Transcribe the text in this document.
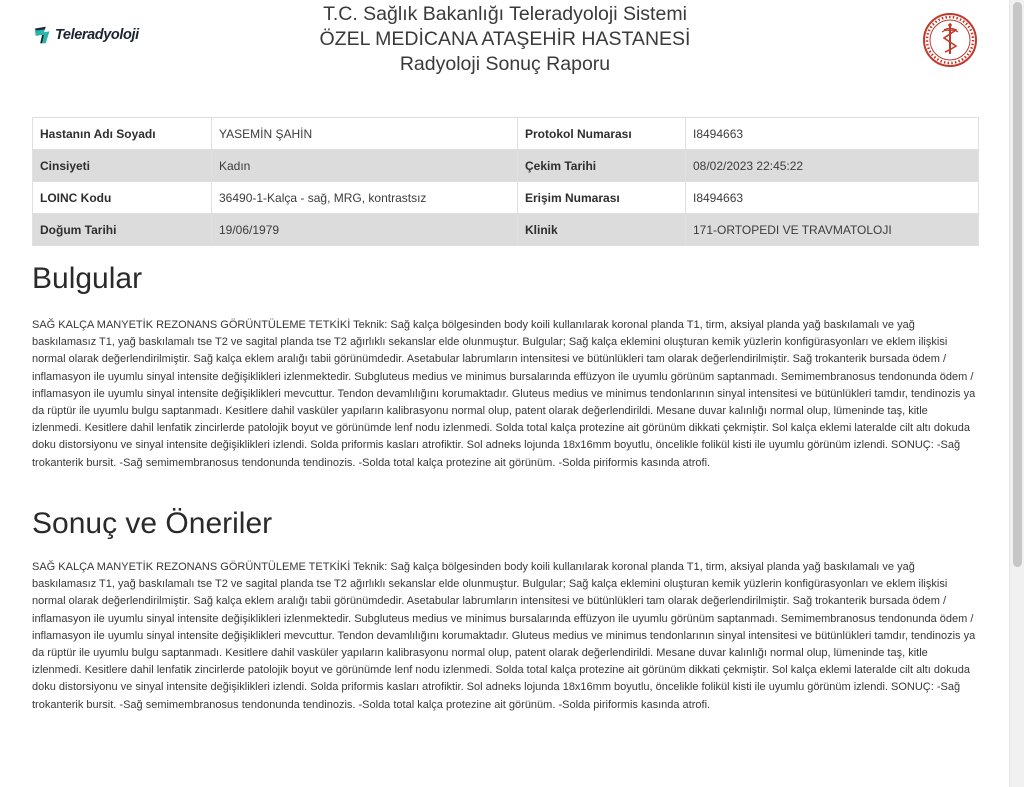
Teleradyoloji
T.C. Sağlık Bakanlığı Teleradyoloji Sistemi
ÖZEL MEDİCANA ATAŞEHİR HASTANESİ
Radyoloji Sonuç Raporu
Hastanın Adı Soyadı	YASEMİN ŞAHİN	Protokol Numarası	I8494663
Cinsiyeti	Kadın	Çekim Tarihi	08/02/2023 22:45:22
LOINC Kodu	36490-1-Kalça - sağ, MRG, kontrastsız	Erişim Numarası	I8494663
Doğum Tarihi	19/06/1979	Klinik	171-ORTOPEDI VE TRAVMATOLOJI
Bulgular

SAĞ KALÇA MANYETİK REZONANS GÖRÜNTÜLEME TETKİKİ Teknik: Sağ kalça bölgesinden body koili kullanılarak koronal planda T1, tirm, aksiyal planda yağ baskılamalı ve yağ baskılamasız T1, yağ baskılamalı tse T2 ve sagital planda tse T2 ağırlıklı sekanslar elde olunmuştur. Bulgular; Sağ kalça eklemini oluşturan kemik yüzlerin konfigürasyonları ve eklem ilişkisi normal olarak değerlendirilmiştir. Sağ kalça eklem aralığı tabii görünümdedir. Asetabular labrumların intensitesi ve bütünlükleri tam olarak değerlendirilmiştir. Sağ trokanterik bursada ödem / inflamasyon ile uyumlu sinyal intensite değişiklikleri izlenmektedir. Subgluteus medius ve minimus bursalarında effüzyon ile uyumlu görünüm saptanmadı. Semimembranosus tendonunda ödem / inflamasyon ile uyumlu sinyal intensite değişiklikleri mevcuttur. Tendon devamlılığını korumaktadır. Gluteus medius ve minimus tendonlarının sinyal intensitesi ve bütünlükleri tamdır, tendinozis ya da rüptür ile uyumlu bulgu saptanmadı. Kesitlere dahil vasküler yapıların kalibrasyonu normal olup, patent olarak değerlendirildi. Mesane duvar kalınlığı normal olup, lümeninde taş, kitle izlenmedi. Kesitlere dahil lenfatik zincirlerde patolojik boyut ve görünümde lenf nodu izlenmedi. Solda total kalça protezine ait görünüm dikkati çekmiştir. Sol kalça eklemi lateralde cilt altı dokuda doku distorsiyonu ve sinyal intensite değişiklikleri izlendi. Solda priformis kasları atrofiktir. Sol adneks lojunda 18x16mm boyutlu, öncelikle folikül kisti ile uyumlu görünüm izlendi. SONUÇ: -Sağ trokanterik bursit. -Sağ semimembranosus tendonunda tendinozis. -Solda total kalça protezine ait görünüm. -Solda piriformis kasında atrofi.

Sonuç ve Öneriler

SAĞ KALÇA MANYETİK REZONANS GÖRÜNTÜLEME TETKİKİ Teknik: Sağ kalça bölgesinden body koili kullanılarak koronal planda T1, tirm, aksiyal planda yağ baskılamalı ve yağ baskılamasız T1, yağ baskılamalı tse T2 ve sagital planda tse T2 ağırlıklı sekanslar elde olunmuştur. Bulgular; Sağ kalça eklemini oluşturan kemik yüzlerin konfigürasyonları ve eklem ilişkisi normal olarak değerlendirilmiştir. Sağ kalça eklem aralığı tabii görünümdedir. Asetabular labrumların intensitesi ve bütünlükleri tam olarak değerlendirilmiştir. Sağ trokanterik bursada ödem / inflamasyon ile uyumlu sinyal intensite değişiklikleri izlenmektedir. Subgluteus medius ve minimus bursalarında effüzyon ile uyumlu görünüm saptanmadı. Semimembranosus tendonunda ödem / inflamasyon ile uyumlu sinyal intensite değişiklikleri mevcuttur. Tendon devamlılığını korumaktadır. Gluteus medius ve minimus tendonlarının sinyal intensitesi ve bütünlükleri tamdır, tendinozis ya da rüptür ile uyumlu bulgu saptanmadı. Kesitlere dahil vasküler yapıların kalibrasyonu normal olup, patent olarak değerlendirildi. Mesane duvar kalınlığı normal olup, lümeninde taş, kitle izlenmedi. Kesitlere dahil lenfatik zincirlerde patolojik boyut ve görünümde lenf nodu izlenmedi. Solda total kalça protezine ait görünüm dikkati çekmiştir. Sol kalça eklemi lateralde cilt altı dokuda doku distorsiyonu ve sinyal intensite değişiklikleri izlendi. Solda priformis kasları atrofiktir. Sol adneks lojunda 18x16mm boyutlu, öncelikle folikül kisti ile uyumlu görünüm izlendi. SONUÇ: -Sağ trokanterik bursit. -Sağ semimembranosus tendonunda tendinozis. -Solda total kalça protezine ait görünüm. -Solda piriformis kasında atrofi.
